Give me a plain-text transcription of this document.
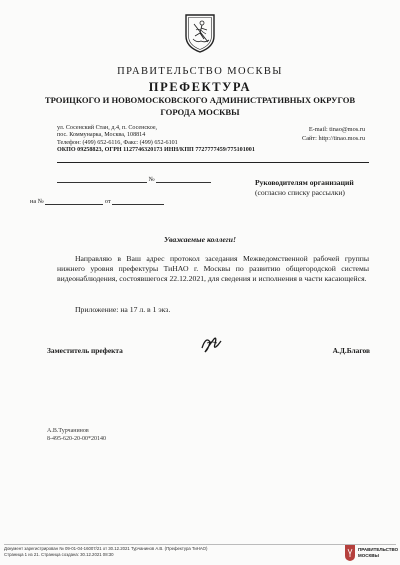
ПРАВИТЕЛЬСТВО МОСКВЫ
ПРЕФЕКТУРА
ТРОИЦКОГО И НОВОМОСКОВСКОГО АДМИНИСТРАТИВНЫХ ОКРУГОВ
ГОРОДА МОСКВЫ
ул. Сосенский Стан, д.4, п. Сосенское,
пос. Коммунарка, Москва, 108814
Телефон: (499) 652-6116, Факс: (499) 652-6101
ОКПО 09258823, ОГРН 1127746320173 ИНН/КПП 7727777459/775101001
E-mail: tinao@mos.ru
Сайт: http://tinao.mos.ru
№
на №	от
Руководителям организаций
(согласно списку рассылки)
Уважаемые коллеги!
Направляю в Ваш адрес протокол заседания Межведомственной рабочей группы нижнего уровня префектуры ТиНАО г. Москвы по развитию общегородской системы видеонаблюдения, состоявшегося 22.12.2021, для сведения и исполнения в части касающейся.
Приложение: на 17 л. в 1 экз.
Заместитель префекта	А.Д.Благов
А.В.Турчанинов
8-495-620-20-00*20140
Документ зарегистрирован № 09-01-04-16007/21 от 30.12.2021 Турчанинов А.В. (Префектура ТиНАО)
Страница 1 из 21. Страница создана: 30.12.2021 08:30
ПРАВИТЕЛЬСТВО
МОСКВЫ
